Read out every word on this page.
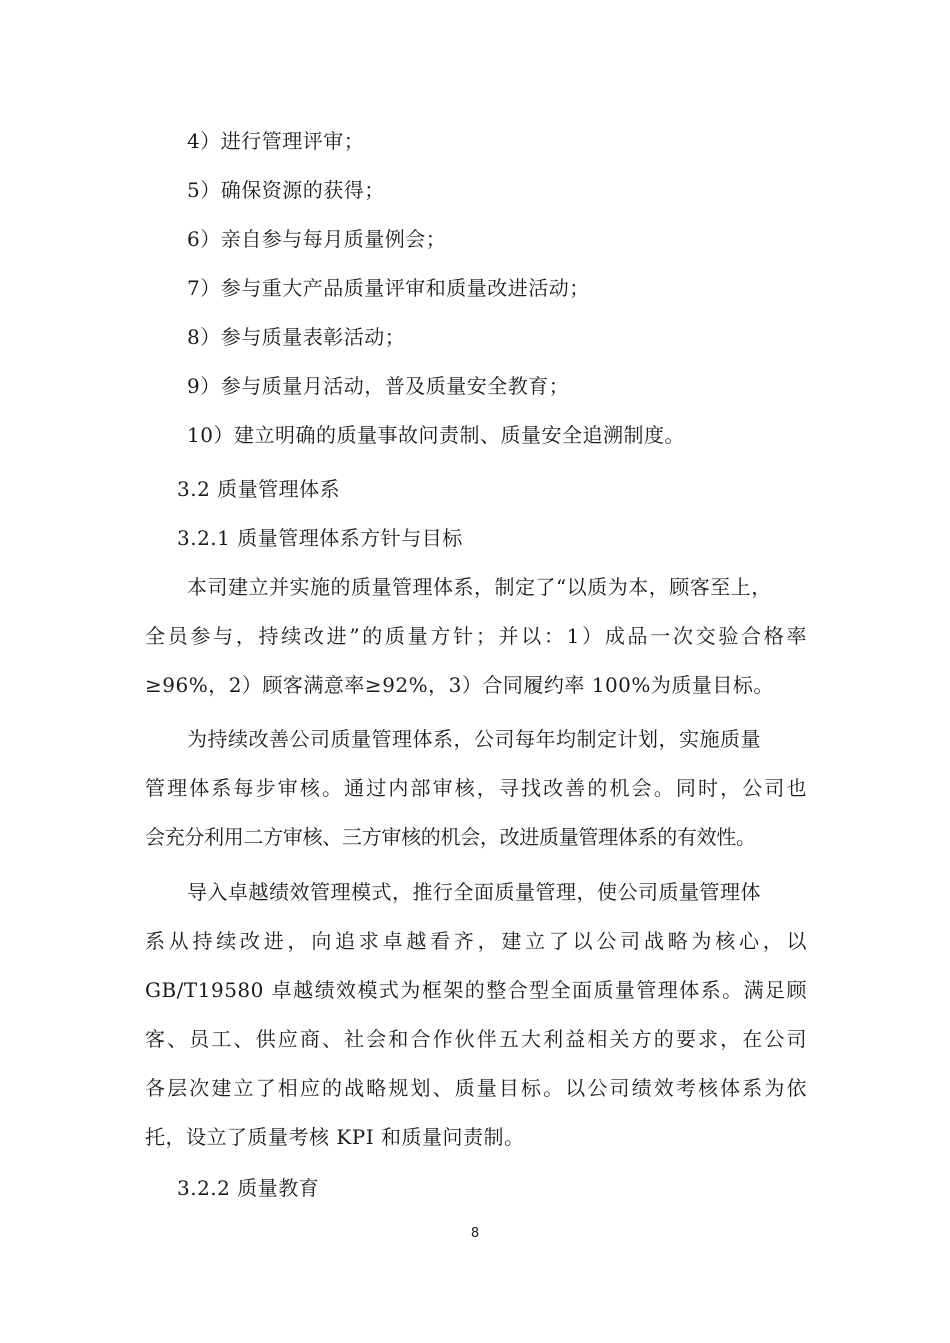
4）进行管理评审；
5）确保资源的获得；
6）亲自参与每月质量例会；
7）参与重大产品质量评审和质量改进活动；
8）参与质量表彰活动；
9）参与质量月活动，普及质量安全教育；
10）建立明确的质量事故问责制、质量安全追溯制度。
3.2 质量管理体系
3.2.1 质量管理体系方针与目标
本司建立并实施的质量管理体系，制定了“以质为本，顾客至上，
全员参与，持续改进”的质量方针；并以：1）成品一次交验合格率
≥96%，2）顾客满意率≥92%，3）合同履约率 100%为质量目标。
为持续改善公司质量管理体系，公司每年均制定计划，实施质量
管理体系每步审核。通过内部审核，寻找改善的机会。同时，公司也
会充分利用二方审核、三方审核的机会，改进质量管理体系的有效性。
导入卓越绩效管理模式，推行全面质量管理，使公司质量管理体
系从持续改进，向追求卓越看齐，建立了以公司战略为核心，以
GB/T19580 卓越绩效模式为框架的整合型全面质量管理体系。满足顾
客、员工、供应商、社会和合作伙伴五大利益相关方的要求，在公司
各层次建立了相应的战略规划、质量目标。以公司绩效考核体系为依
托，设立了质量考核 KPI 和质量问责制。
3.2.2 质量教育
8
